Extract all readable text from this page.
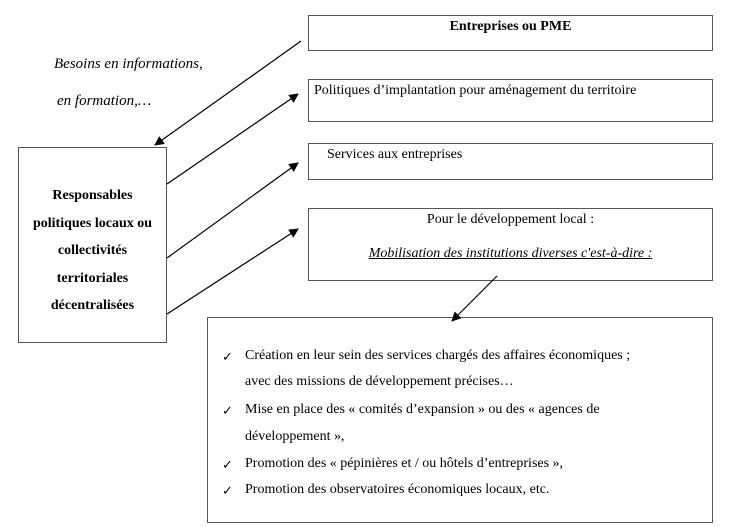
Besoins en informations,
en formation,…
Responsables
politiques locaux ou
collectivités
territoriales
décentralisées
Entreprises ou PME
Politiques d’implantation pour aménagement du territoire
Services aux entreprises
Pour le développement local :
Mobilisation des institutions diverses c'est-à-dire :
✓ Création en leur sein des services chargés des affaires économiques ;
avec des missions de développement précises…
✓ Mise en place des « comités d’expansion » ou des « agences de
développement »,
✓ Promotion des « pépinières et / ou hôtels d’entreprises »,
✓ Promotion des observatoires économiques locaux, etc.
